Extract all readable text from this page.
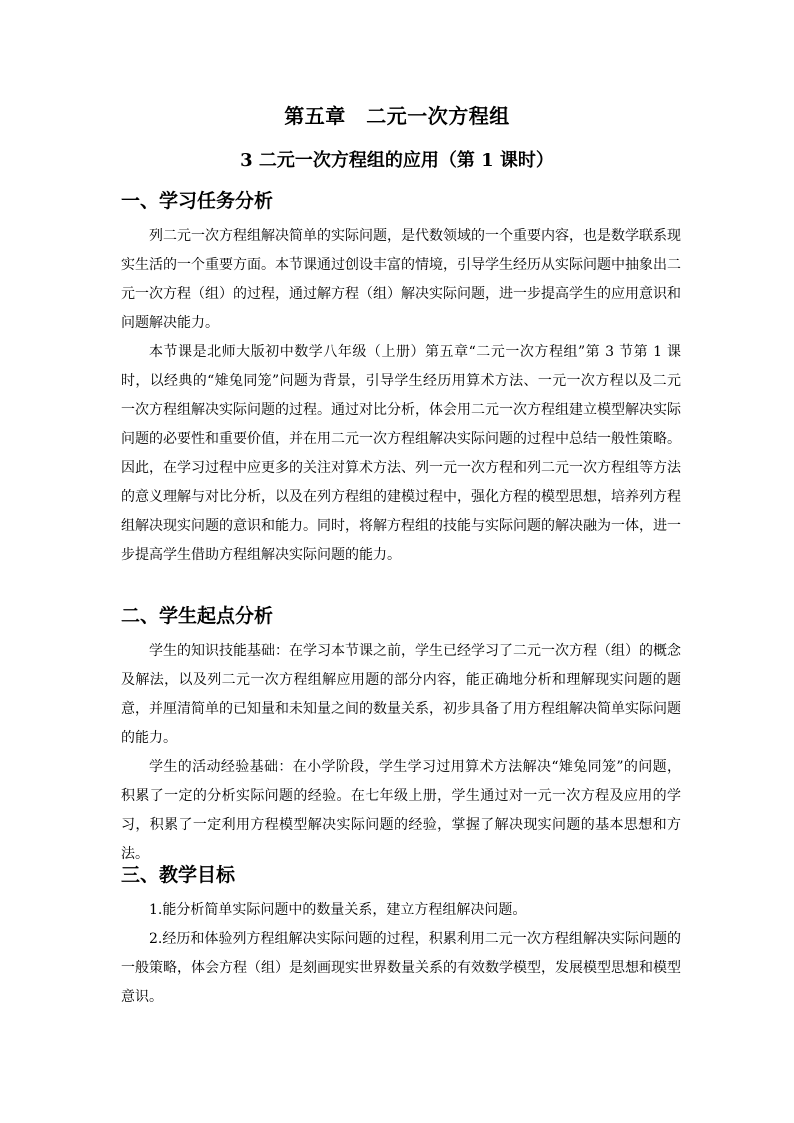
第五章　二元一次方程组
3 二元一次方程组的应用（第 1 课时）
一、学习任务分析

列二元一次方程组解决简单的实际问题，是代数领域的一个重要内容，也是数学联系现实生活的一个重要方面。本节课通过创设丰富的情境，引导学生经历从实际问题中抽象出二元一次方程（组）的过程，通过解方程（组）解决实际问题，进一步提高学生的应用意识和问题解决能力。

本节课是北师大版初中数学八年级（上册）第五章“二元一次方程组”第 3 节第 1 课时，以经典的“雉兔同笼”问题为背景，引导学生经历用算术方法、一元一次方程以及二元一次方程组解决实际问题的过程。通过对比分析，体会用二元一次方程组建立模型解决实际问题的必要性和重要价值，并在用二元一次方程组解决实际问题的过程中总结一般性策略。因此，在学习过程中应更多的关注对算术方法、列一元一次方程和列二元一次方程组等方法的意义理解与对比分析，以及在列方程组的建模过程中，强化方程的模型思想，培养列方程组解决现实问题的意识和能力。同时，将解方程组的技能与实际问题的解决融为一体，进一步提高学生借助方程组解决实际问题的能力。

二、学生起点分析

学生的知识技能基础：在学习本节课之前，学生已经学习了二元一次方程（组）的概念及解法，以及列二元一次方程组解应用题的部分内容，能正确地分析和理解现实问题的题意，并厘清简单的已知量和未知量之间的数量关系，初步具备了用方程组解决简单实际问题的能力。

学生的活动经验基础：在小学阶段，学生学习过用算术方法解决“雉兔同笼”的问题，积累了一定的分析实际问题的经验。在七年级上册，学生通过对一元一次方程及应用的学习，积累了一定利用方程模型解决实际问题的经验，掌握了解决现实问题的基本思想和方法。

三、教学目标

1.能分析简单实际问题中的数量关系，建立方程组解决问题。

2.经历和体验列方程组解决实际问题的过程，积累利用二元一次方程组解决实际问题的一般策略，体会方程（组）是刻画现实世界数量关系的有效数学模型，发展模型思想和模型意识。
